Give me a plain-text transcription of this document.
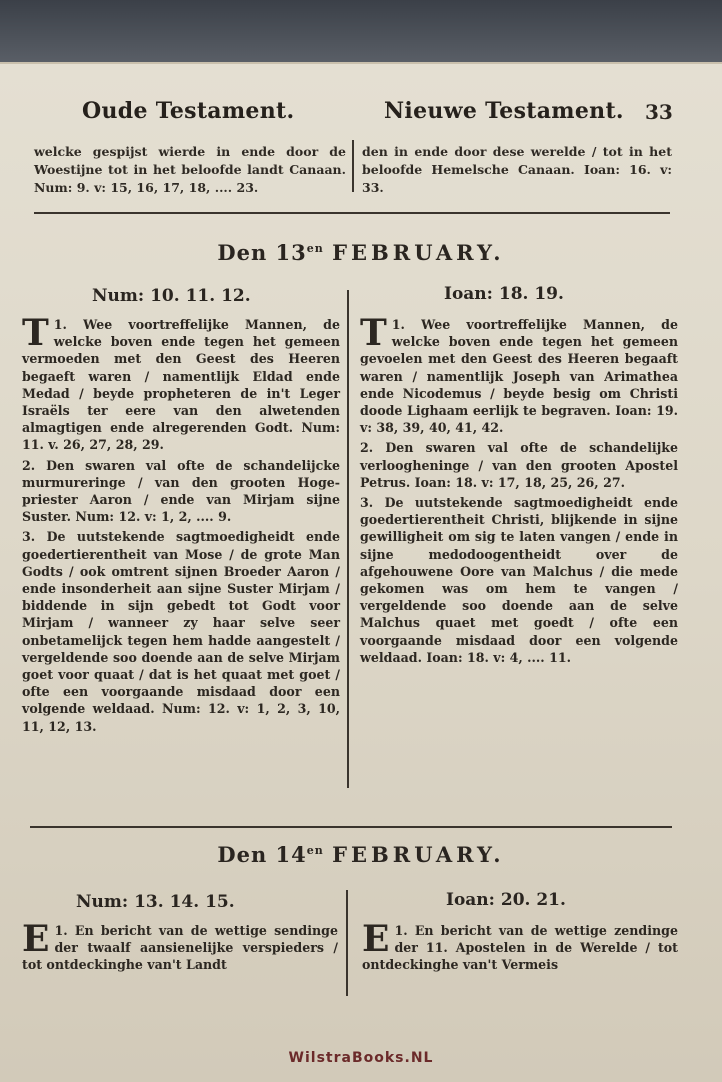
Oude Testament.	Nieuwe Testament. 33
welcke gespijst wierde in ende door de Woestijne tot in het beloofde landt Canaan. Num: 9. v: 15, 16, 17, 18, .... 23.
den in ende door dese werelde / tot in het beloofde Hemelsche Canaan. Ioan: 16. v: 33.
Den $13^{en}$ FEBRUARY.
Num: 10. 11. 12.	Ioan: 18. 19.

1.
T	Wee voortreffelijke Mannen, de welcke boven ende tegen het gemeen vermoeden met den Geest des Heeren begaeft waren / namentlijk Eldad ende Medad / beyde propheteren de in't Leger Israëls ter eere van den alwetenden almagtigen ende alregerenden Godt. Num: 11. v. 26, 27, 28, 29.

2. Den swaren val ofte de schandelijcke murmureringe / van den grooten Hoge-priester Aaron / ende van Mirjam sijne Suster. Num: 12. v: 1, 2, .... 9.

3. De uutstekende sagtmoedigheidt ende goedertierentheit van Mose / de grote Man Godts / ook omtrent sijnen Broeder Aaron / ende insonderheit aan sijne Suster Mirjam / biddende in sijn gebedt tot Godt voor Mirjam / wanneer zy haar selve seer onbetamelijck tegen hem hadde aangestelt / vergeldende soo doende aan de selve Mirjam goet voor quaat / dat is het quaat met goet / ofte een voorgaande misdaad door een volgende weldaad. Num: 12. v: 1, 2, 3, 10, 11, 12, 13.

1.
T	Wee voortreffelijke Mannen, de welcke boven ende tegen het gemeen gevoelen met den Geest des Heeren begaaft waren / namentlijk Joseph van Arimathea ende Nicodemus / beyde besig om Christi doode Lighaam eerlijk te begraven. Ioan: 19. v: 38, 39, 40, 41, 42.

2. Den swaren val ofte de schandelijke verloogheninge / van den grooten Apostel Petrus. Ioan: 18. v: 17, 18, 25, 26, 27.

3. De uutstekende sagtmoedigheidt ende goedertierentheit Christi, blijkende in sijne gewilligheit om sig te laten vangen / ende in sijne medodoogentheidt over de afgehouwene Oore van Malchus / die mede gekomen was om hem te vangen / vergeldende soo doende aan de selve Malchus quaet met goedt / ofte een voorgaande misdaad door een volgende weldaad. Ioan: 18. v: 4, .... 11.

Den $14^{en}$ FEBRUARY.
Num: 13. 14. 15.	Ioan: 20. 21.

1.
E En bericht van de wettige sendinge der twaalf aansienelijke verspieders / tot ontdeckinghe van't Landt

1.
E En bericht van de wettige zendinge der 11. Apostelen in de Werelde / tot ontdeckinghe van't Vermeis

WilstraBooks.NL
